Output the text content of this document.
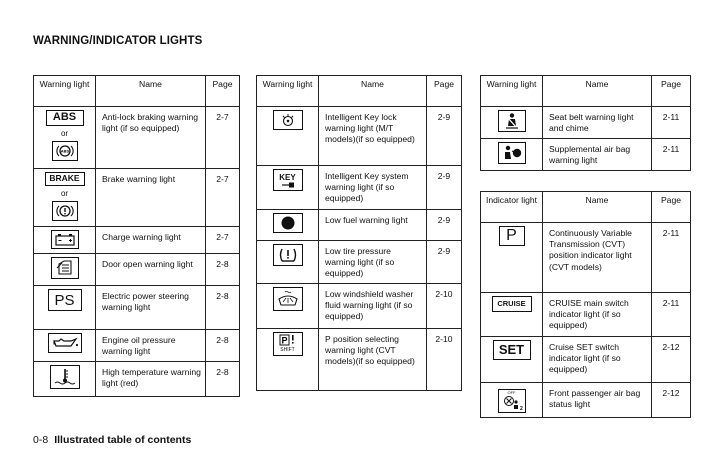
WARNING/INDICATOR LIGHTS
Warning light	Name	Page
ABS
or
ABS	Anti-lock braking warning light (if so equipped)	2-7
BRAKE
or	Brake warning light	2-7

	Charge warning light	2-7

	Door open warning light	2-8
PS	Electric power steering warning light	2-8

	Engine oil pressure warning light	2-8

	High temperature warning light (red)	2-8
Warning light	Name	Page

	Intelligent Key lock warning light (M/T models)(if so equipped)	2-9

KEY	Intelligent Key system warning light (if so equipped)	2-9

	Low fuel warning light	2-9

	Low tire pressure warning light (if so equipped)	2-9

	Low windshield washer fluid warning light (if so equipped)	2-10

P
SHIFT	P position selecting warning light (CVT models)(if so equipped)	2-10
Warning light	Name	Page

	Seat belt warning light and chime	2-11

	Supplemental air bag warning light	2-11
Indicator light	Name	Page
P	Continuously Variable Transmission (CVT) position indicator light (CVT models)	2-11
CRUISE	CRUISE main switch indicator light (if so equipped)	2-11
SET	Cruise SET switch indicator light (if so equipped)	2-12

OFF
2	Front passenger air bag status light	2-12
0-8 Illustrated table of contents
